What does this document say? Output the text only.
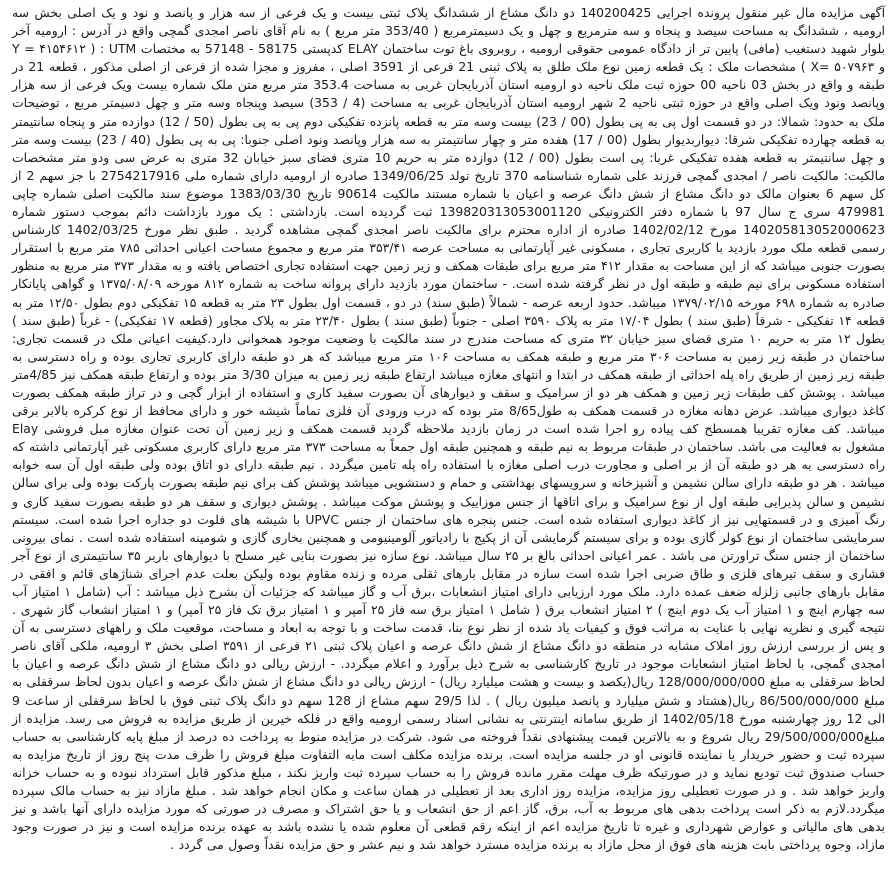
آگهی مزایده مال غیر منقول پرونده اجرایی 140200425 دو دانگ مشاع از ششدانگ پلاک ثبتی بیست و یک فرعی از سه هزار و پانصد و نود و یک اصلی بخش سه ارومیه ، ششدانگ به مساحت سیصد و پنجاه و سه مترمربع و چهل و یک دسیمترمربع ( 353/40 متر مربع ) به نام آقای ناصر امجدی گمچی واقع در آدرس : ارومیه آخر بلوار شهید دستغیب (مافی) پایین تر از دادگاه عمومی حقوقی ارومیه ، روبروی باغ توت ساختمان ELAY کدپستی 58175 - 57148 به مختصات UTM : ( Y = ۴۱۵۴۶۱۲ و X= ۵۰۷۹۶۳ ) مشخصات ملک : یک قطعه زمین نوع ملک طلق به پلاک ثبتی 21 فرعی از 3591 اصلی ، مفروز و مجزا شده از فرعی از اصلی مذکور ، قطعه 21 در طبقه و واقع در بخش 03 ناحیه 00 حوزه ثبت ملک ناحیه دو ارومیه استان آذربایجان غربی به مساحت 353.4 متر مربع متن ملک شماره بیست ویک فرعی از سه هزار وپانصد ونود ویک اصلی واقع در حوزه ثبتی ناحیه 2 شهر ارومیه استان آذربایجان غربی به مساحت (4 / 353) سیصد وپنجاه وسه متر و چهل دسیمتر مربع ، توضیحات ملک به حدود: شمالا: در دو قسمت اول پی به پی بطول (00 / 23) بیست وسه متر به قطعه پانزده تفکیکی دوم پی به پی بطول (50 / 12) دوازده متر و پنجاه سانتیمتر به قطعه چهارده تفکیکی شرقا: دیواربدیوار بطول (00 / 17) هفده متر و چهار سانتیمتر به سه هزار وپانصد ونود اصلی جنوبا: پی به پی بطول (40 / 23) بیست وسه متر و چهل سانتیمتر به قطعه هفده تفکیکی غربا: پی است بطول (00 / 12) دوازده متر به حریم 10 متری فضای سبز خیابان 32 متری به عرض سی ودو متر مشخصات مالکیت: مالکیت ناصر / امجدی گمچی فرزند علی شماره شناسنامه 370 تاریخ تولد 1349/06/25 صادره از ارومیه دارای شماره ملی 2754217916 با جز سهم 2 از کل سهم 6 بعنوان مالک دو دانگ مشاع از شش دانگ عرصه و اعیان با شماره مستند مالکیت 90614 تاریخ 1383/03/30 موضوع سند مالکیت اصلی شماره چاپی 479981 سری ج سال 97 با شماره دفتر الکترونیکی 139820313053001120 ثبت گردیده است. بازداشتی : یک مورد بازداشت دائم بموجب دستور شماره 140205813052000623 مورخ 1402/02/12 صادره از اداره محترم برای مالکیت ناصر امجدی گمچی مشاهده گردید . طبق نظر مورخ 1402/03/25 کارشناس رسمی قطعه ملک مورد بازدید با کاربری تجاری ، مسکونی غیر آپارتمانی به مساحت عرصه ۳۵۳/۴۱ متر مربع و مجموع مساحت اعیانی احداثی ۷۸۵ متر مربع با استقرار بصورت جنوبی میباشد که از این مساحت به مقدار ۴۱۲ متر مربع برای طبقات همکف و زیر زمین جهت استفاده تجاری اختصاص یافته و به مقدار ۳۷۳ متر مربع به منظور استفاده مسکونی برای نیم طبقه و طبقه اول در نظر گرفته شده است. - ساختمان مورد بازدید دارای پروانه ساخت به شماره ۸۱۲ مورخه ۱۳۷۵/۰۸/۰۹ و گواهی پایانکار صادره به شماره ۶۹۸ مورخه ۱۳۷۹/۰۲/۱۵ میباشد. حدود اربعه عرصه - شمالاً (طبق سند) در دو ، قسمت اول بطول ۲۳ متر به قطعه ۱۵ تفکیکی دوم بطول ۱۲/۵۰ متر به قطعه ۱۴ تفکیکی - شرقاً (طبق سند ) بطول ۱۷/۰۴ متر به پلاک ۳۵۹۰ اصلی - جنوباً (طبق سند ) بطول ۲۳/۴۰ متر به پلاک مجاور (قطعه ۱۷ تفکیکی) - غرباً (طبق سند ) بطول ۱۲ متر به حریم ۱۰ متری فضای سبز خیابان ۳۲ متری که مساحت مندرج در سند مالکیت با وضعیت موجود همخوانی دارد.کیفیت اعیانی ملک در قسمت تجاری: ساختمان در طبقه زیر زمین به مساحت ۳۰۶ متر مربع و طبقه همکف به مساحت ۱۰۶ متر مربع میباشد که هر دو طبقه دارای کاربری تجاری بوده و راه دسترسی به طبقه زیر زمین از طریق راه پله احداثی از طبقه همکف در ابتدا و انتهای مغازه میباشد ارتفاع طبقه زیر زمین به میزان 3/30 متر بوده و ارتفاع طبقه همکف نیز 4/85متر میباشد . پوشش کف طبقات زیر زمین و همکف هر دو از سرامیک و سقف و دیوارهای آن بصورت سفید کاری و استفاده از ابزار گچی و در تراز طبقه همکف بصورت کاغذ دیواری میباشد. عرض دهانه مغازه در قسمت همکف به طول8/65 متر بوده که درب ورودی آن فلزی تماماً شیشه خور و دارای محافظ از نوع کرکره بالابر برقی میباشد. کف مغازه تقریبا همسطح کف پیاده رو اجرا شده است در زمان بازدید ملاحظه گردید قسمت همکف و زیر زمین آن تحت عنوان مغازه مبل فروشی Elay مشغول به فعالیت می باشد. ساختمان در طبقات مربوط به نیم طبقه و همچنین طبقه اول جمعاً به مساحت ۳۷۳ متر مربع دارای کاربری مسکونی غیر آپارتمانی داشته که راه دسترسی به هر دو طبقه آن از بر اصلی و مجاورت درب اصلی مغازه با استفاده راه پله تامین میگردد . نیم طبقه دارای دو اتاق بوده ولی طبقه اول آن سه خوابه میباشد . هر دو طبقه دارای سالن نشیمن و آشپزخانه و سرویسهای بهداشتی و حمام و دستشویی میباشد پوشش کف برای نیم طبقه بصورت پارکت بوده ولی برای سالن نشیمن و سالن پذیرایی طبقه اول از نوع سرامیک و برای اتاقها از جنس موزاییک و پوشش موکت میباشد . پوشش دیواری و سقف هر دو طبقه بصورت سفید کاری و رنگ آمیزی و در قسمتهایی نیز از کاغذ دیواری استفاده شده است. جنس پنجره های ساختمان از جنس UPVC با شیشه های فلوت دو جداره اجرا شده است. سیستم سرمایشی ساختمان از نوع کولر گازی بوده و برای سیستم گرمایشی آن از پکیج با رادیاتور آلومینیومی و همچنین بخاری گازی و شومینه استفاده شده است . نمای بیرونی ساختمان از جنس سنگ تراورتن می باشد . عمر اعیانی احداثی بالغ بر ۲۵ سال میباشد. نوع سازه نیز بصورت بنایی غیر مسلح با دیوارهای باربر ۳۵ سانتیمتری از نوع آجر فشاری و سقف تیرهای فلزی و طاق ضربی اجرا شده است سازه در مقابل بارهای ثقلی مرده و زنده مقاوم بوده ولیکن بعلت عدم اجرای شناژهای قائم و افقی در مقابل بارهای جانبی زلزله ضعف عمده دارد. ملک مورد ارزیابی دارای امتیاز انشعابات ،برق آب و گاز میباشد که جزئیات آن بشرح ذیل میباشد : آب (شامل ۱ امتیاز آب سه چهارم اینچ و ۱ امتیاز آب یک دوم اینچ ) ۲ امتیاز انشعاب برق ( شامل ۱ امتیاز برق سه فاز ۲۵ آمپر و ۱ امتیاز برق تک فاز ۲۵ آمپر) و ۱ امتیاز انشعاب گاز شهری . نتیجه گیری و نظریه نهایی با عنایت به مراتب فوق و کیفیات یاد شده از نظر نوع بنا، قدمت ساخت و با توجه به ابعاد و مساحت، موقعیت ملک و راههای دسترسی به آن و پس از بررسی ارزش روز املاک مشابه در منطقه دو دانگ مشاع از شش دانگ عرصه و اعیان پلاک ثبتی ۲۱ فرعی از ۳۵۹۱ اصلی بخش ۳ ارومیه، ملکی آقای ناصر امجدی گمچی، با لحاظ امتیاز انشعابات موجود در تاریخ کارشناسی به شرح ذیل برآورد و اعلام میگردد. - ارزش ریالی دو دانگ مشاع از شش دانگ عرصه و اعیان با لحاظ سرقفلی به مبلغ 128/000/000/000 ریال(یکصد و بیست و هشت میلیارد ریال) - ارزش ریالی دو دانگ مشاع از شش دانگ عرصه و اعیان بدون لحاظ سرقفلی به مبلغ 86/500/000/000 ریال(هشتاد و شش میلیارد و پانصد میلیون ریال ) . لذا 29/5 سهم مشاع از 128 سهم دو دانگ پلاک ثبتی فوق با لحاظ سرقفلی از ساعت 9 الی 12 روز چهارشنبه مورخ 1402/05/18 از طریق سامانه اینترنتی به نشانی اسناد رسمی ارومیه واقع در فلکه خیرین از طریق مزایده به فروش می رسد. مزایده از مبلغ29/500/000/000 ریال شروع و به بالاترین قیمت پیشنهادی نقداً فروخته می شود. شرکت در مزایده منوط به پرداخت ده درصد از مبلغ پایه کارشناسی به حساب سپرده ثبت و حضور خریدار یا نماینده قانونی او در جلسه مزایده است. برنده مزایده مکلف است مابه التفاوت مبلغ فروش را ظرف مدت پنج روز از تاریخ مزایده به حساب صندوق ثبت تودیع نماید و در صورتیکه ظرف مهلت مقرر مانده فروش را به حساب سپرده ثبت واریز نکند ، مبلغ مذکور قابل استرداد نبوده و به حساب خزانه واریز خواهد شد . و در صورت تعطیلی روز مزایده، مزایده روز اداری بعد از تعطیلی در همان ساعت و مکان انجام خواهد شد . مبلغ مازاد نیز به حساب مالک سپرده میگردد.لازم به ذکر است پرداخت بدهی های مربوط به آب، برق، گاز اعم از حق انشعاب و یا حق اشتراک و مصرف در صورتی که مورد مزایده دارای آنها باشد و نیز بدهی های مالیاتی و عوارض شهرداری و غیره تا تاریخ مزایده اعم از اینکه رقم قطعی آن معلوم شده یا نشده باشد به عهده برنده مزایده است و نیز در صورت وجود مازاد، وجوه پرداختی بابت هزینه های فوق از محل مازاد به برنده مزایده مسترد خواهد شد و نیم عشر و حق مزایده نقداً وصول می گردد .
